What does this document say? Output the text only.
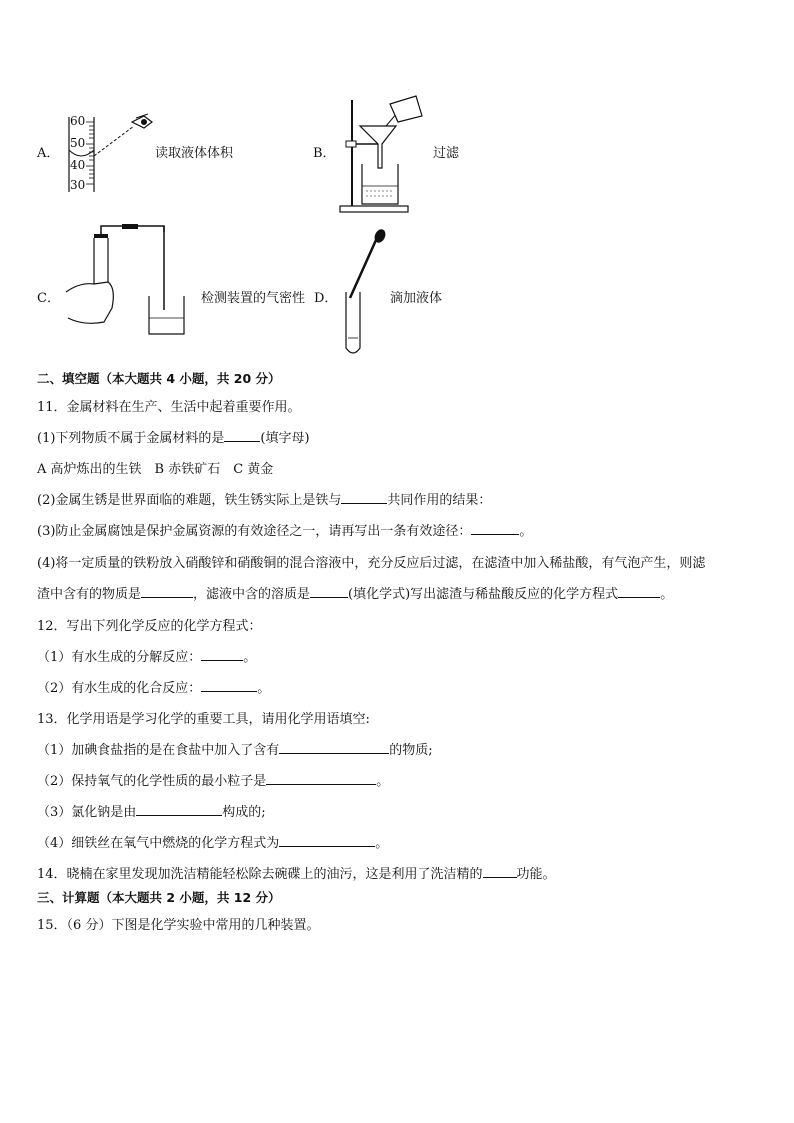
A．
60
50
40
30
读取液体体积	B．	过滤
C．	检测装置的气密性 D．	滴加液体
二、填空题（本大题共 4 小题，共 20 分）
11．金属材料在生产、生活中起着重要作用。
(1)下列物质不属于金属材料的是	(填字母)
A 高炉炼出的生铁　B 赤铁矿石　C 黄金
(2)金属生锈是世界面临的难题，铁生锈实际上是铁与	共同作用的结果：
(3)防止金属腐蚀是保护金属资源的有效途径之一，请再写出一条有效途径：	。
(4)将一定质量的铁粉放入硝酸锌和硝酸铜的混合溶液中，充分反应后过滤，在滤渣中加入稀盐酸，有气泡产生，则滤
渣中含有的物质是	，滤液中含的溶质是	(填化学式)写出滤渣与稀盐酸反应的化学方程式	。
12．写出下列化学反应的化学方程式：
（1）有水生成的分解反应：	。
（2）有水生成的化合反应：	。
13．化学用语是学习化学的重要工具，请用化学用语填空:
（1）加碘食盐指的是在食盐中加入了含有	的物质;
（2）保持氧气的化学性质的最小粒子是	。
（3）氯化钠是由	构成的;
（4）细铁丝在氧气中燃烧的化学方程式为	。
14．晓楠在家里发现加洗洁精能轻松除去碗碟上的油污，这是利用了洗洁精的	功能。
三、计算题（本大题共 2 小题，共 12 分）
15．（6 分）下图是化学实验中常用的几种装置。
